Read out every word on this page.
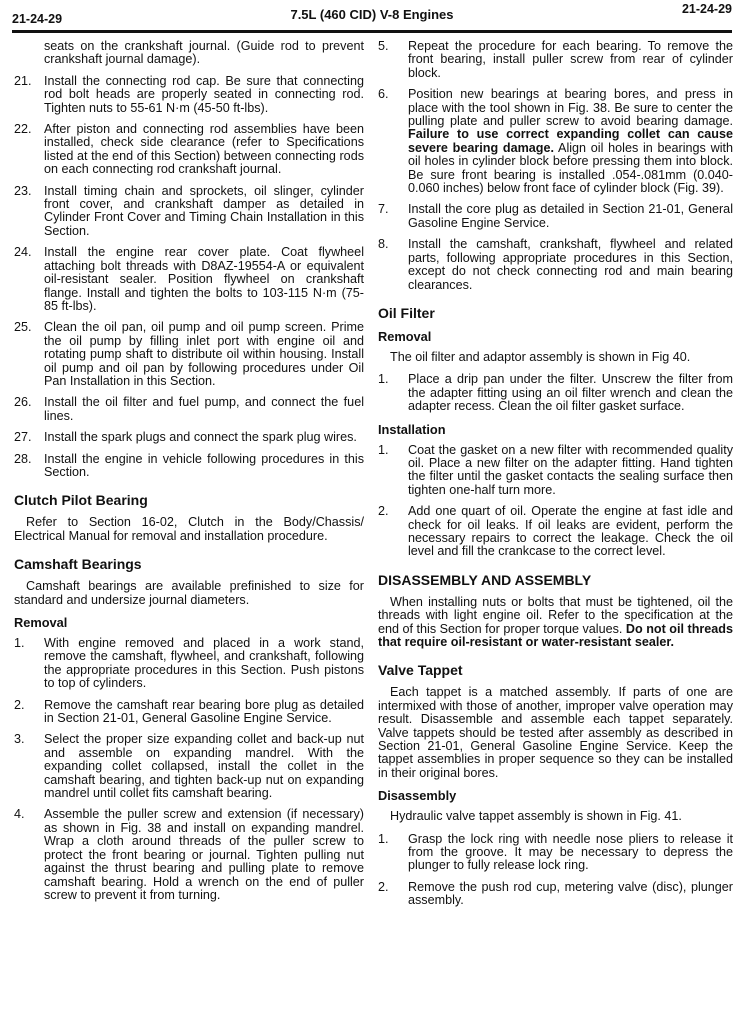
21-24-29	7.5L (460 CID) V-8 Engines	21-24-29
seats on the crankshaft journal. (Guide rod to prevent crankshaft journal damage).
21. Install the connecting rod cap. Be sure that connecting rod bolt heads are properly seated in connecting rod. Tighten nuts to 55-61 N·m (45-50 ft-lbs).
22. After piston and connecting rod assemblies have been installed, check side clearance (refer to Specifications listed at the end of this Section) between connecting rods on each connecting rod crankshaft journal.
23. Install timing chain and sprockets, oil slinger, cylinder front cover, and crankshaft damper as detailed in Cylinder Front Cover and Timing Chain Installation in this Section.
24. Install the engine rear cover plate. Coat flywheel attaching bolt threads with D8AZ-19554-A or equivalent oil-resistant sealer. Position flywheel on crankshaft flange. Install and tighten the bolts to 103-115 N·m (75-85 ft-lbs).
25. Clean the oil pan, oil pump and oil pump screen. Prime the oil pump by filling inlet port with engine oil and rotating pump shaft to distribute oil within housing. Install oil pump and oil pan by following procedures under Oil Pan Installation in this Section.
26. Install the oil filter and fuel pump, and connect the fuel lines.
27. Install the spark plugs and connect the spark plug wires.
28. Install the engine in vehicle following procedures in this Section.
Clutch Pilot Bearing

Refer to Section 16-02, Clutch in the Body/Chassis/ Electrical Manual for removal and installation procedure.

Camshaft Bearings

Camshaft bearings are available prefinished to size for standard and undersize journal diameters.

Removal
1.	With engine removed and placed in a work stand, remove the camshaft, flywheel, and crankshaft, following the appropriate procedures in this Section. Push pistons to top of cylinders.
2.	Remove the camshaft rear bearing bore plug as detailed in Section 21-01, General Gasoline Engine Service.
3.	Select the proper size expanding collet and back-up nut and assemble on expanding mandrel. With the expanding collet collapsed, install the collet in the camshaft bearing, and tighten back-up nut on expanding mandrel until collet fits camshaft bearing.
4.	Assemble the puller screw and extension (if necessary) as shown in Fig. 38 and install on expanding mandrel. Wrap a cloth around threads of the puller screw to protect the front bearing or journal. Tighten pulling nut against the thrust bearing and pulling plate to remove camshaft bearing. Hold a wrench on the end of puller screw to prevent it from turning.
5.	Repeat the procedure for each bearing. To remove the front bearing, install puller screw from rear of cylinder block.
6.	Position new bearings at bearing bores, and press in place with the tool shown in Fig. 38. Be sure to center the pulling plate and puller screw to avoid bearing damage. Failure to use correct expanding collet can cause severe bearing damage. Align oil holes in bearings with oil holes in cylinder block before pressing them into block. Be sure front bearing is installed .054-.081mm (0.040-0.060 inches) below front face of cylinder block (Fig. 39).
7.	Install the core plug as detailed in Section 21-01, General Gasoline Engine Service.
8.	Install the camshaft, crankshaft, flywheel and related parts, following appropriate procedures in this Section, except do not check connecting rod and main bearing clearances.
Oil Filter
Removal

The oil filter and adaptor assembly is shown in Fig 40.

1.	Place a drip pan under the filter. Unscrew the filter from the adapter fitting using an oil filter wrench and clean the adapter recess. Clean the oil filter gasket surface.
Installation
1.	Coat the gasket on a new filter with recommended quality oil. Place a new filter on the adapter fitting. Hand tighten the filter until the gasket contacts the sealing surface then tighten one-half turn more.
2.	Add one quart of oil. Operate the engine at fast idle and check for oil leaks. If oil leaks are evident, perform the necessary repairs to correct the leakage. Check the oil level and fill the crankcase to the correct level.
DISASSEMBLY AND ASSEMBLY

When installing nuts or bolts that must be tightened, oil the threads with light engine oil. Refer to the specification at the end of this Section for proper torque values. Do not oil threads that require oil-resistant or water-resistant sealer.

Valve Tappet

Each tappet is a matched assembly. If parts of one are intermixed with those of another, improper valve operation may result. Disassemble and assemble each tappet separately. Valve tappets should be tested after assembly as described in Section 21-01, General Gasoline Engine Service. Keep the tappet assemblies in proper sequence so they can be installed in their original bores.

Disassembly

Hydraulic valve tappet assembly is shown in Fig. 41.

1.	Grasp the lock ring with needle nose pliers to release it from the groove. It may be necessary to depress the plunger to fully release lock ring.
2.	Remove the push rod cup, metering valve (disc), plunger assembly.
